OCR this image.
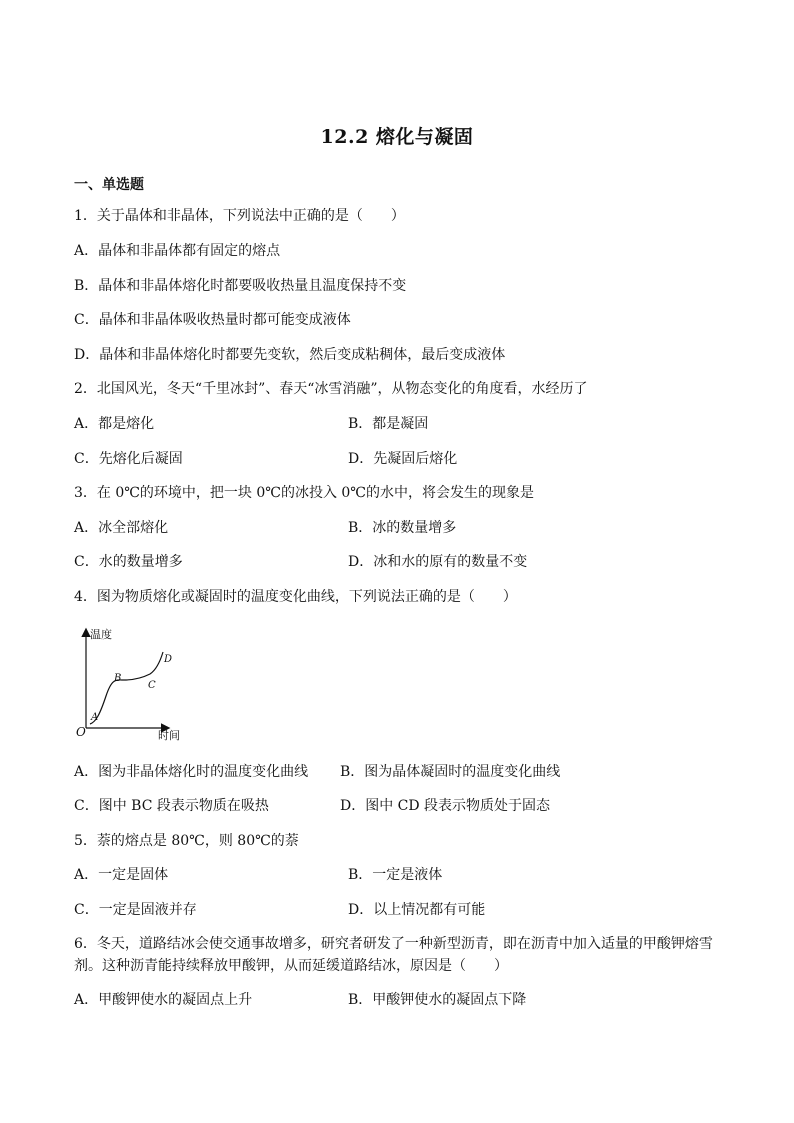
12.2 熔化与凝固
一、单选题
1．关于晶体和非晶体，下列说法中正确的是（　　）
A．晶体和非晶体都有固定的熔点
B．晶体和非晶体熔化时都要吸收热量且温度保持不变
C．晶体和非晶体吸收热量时都可能变成液体
D．晶体和非晶体熔化时都要先变软，然后变成粘稠体，最后变成液体
2．北国风光，冬天“千里冰封”、春天“冰雪消融”，从物态变化的角度看，水经历了
A．都是熔化	B．都是凝固
C．先熔化后凝固	D．先凝固后熔化
3．在 0℃的环境中，把一块 0℃的冰投入 0℃的水中，将会发生的现象是
A．冰全部熔化	B．冰的数量增多
C．水的数量增多	D．冰和水的原有的数量不变
4．图为物质熔化或凝固时的温度变化曲线，下列说法正确的是（　　）
温度
时间
O
A
B
C
D
A．图为非晶体熔化时的温度变化曲线 B．图为晶体凝固时的温度变化曲线
C．图中 BC 段表示物质在吸热	D．图中 CD 段表示物质处于固态
5．萘的熔点是 80℃，则 80℃的萘
A．一定是固体	B．一定是液体
C．一定是固液并存	D．以上情况都有可能
6．冬天，道路结冰会使交通事故增多，研究者研发了一种新型沥青，即在沥青中加入适量的甲酸钾熔雪剂。这种沥青能持续释放甲酸钾，从而延缓道路结冰，原因是（　　）
A．甲酸钾使水的凝固点上升	B．甲酸钾使水的凝固点下降
